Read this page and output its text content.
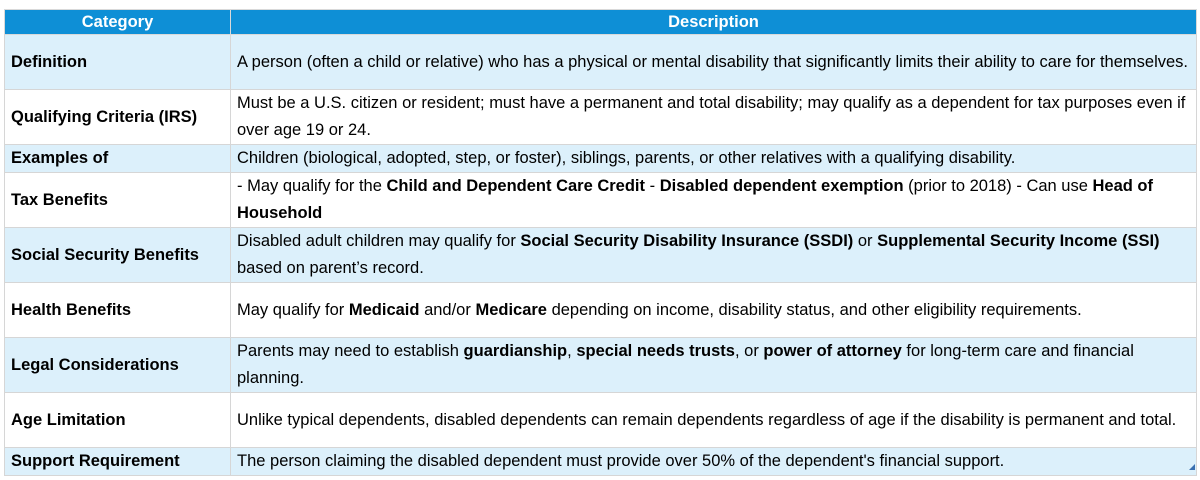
Category	Description
Definition	A person (often a child or relative) who has a physical or mental disability that significantly limits their ability to care for themselves.
Qualifying Criteria (IRS)	Must be a U.S. citizen or resident; must have a permanent and total disability; may qualify as a dependent for tax purposes even if over age 19 or 24.
Examples of	Children (biological, adopted, step, or foster), siblings, parents, or other relatives with a qualifying disability.
Tax Benefits	- May qualify for the Child and Dependent Care Credit - Disabled dependent exemption (prior to 2018) - Can use Head of Household
Social Security Benefits	Disabled adult children may qualify for Social Security Disability Insurance (SSDI) or Supplemental Security Income (SSI) based on parent’s record.
Health Benefits	May qualify for Medicaid and/or Medicare depending on income, disability status, and other eligibility requirements.
Legal Considerations	Parents may need to establish guardianship, special needs trusts, or power of attorney for long-term care and financial planning.
Age Limitation	Unlike typical dependents, disabled dependents can remain dependents regardless of age if the disability is permanent and total.
Support Requirement	The person claiming the disabled dependent must provide over 50% of the dependent's financial support.
